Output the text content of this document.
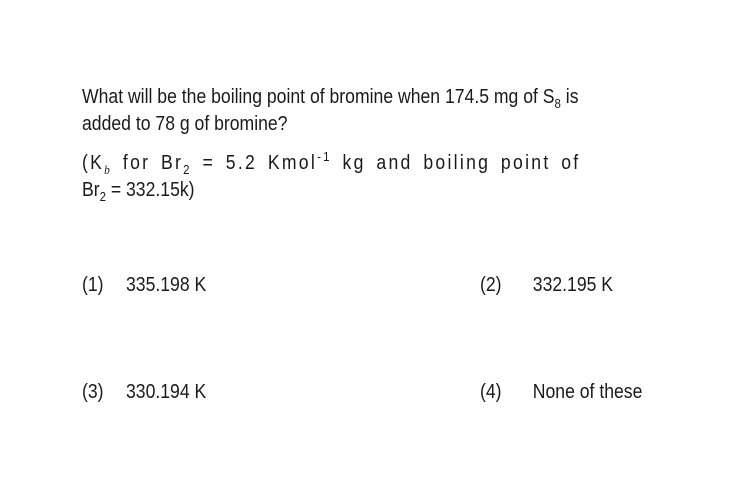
What will be the boiling point of bromine when 174.5 mg of $S_8$ is
added to 78 g of bromine?
($K_b$ for $Br_2 = 5.2$ Kmol$^{-1}$ kg and boiling point of
$Br_2 = 332.15k$)
(1) 335.198 K	(2) 332.195 K
(3) 330.194 K	(4) None of these
